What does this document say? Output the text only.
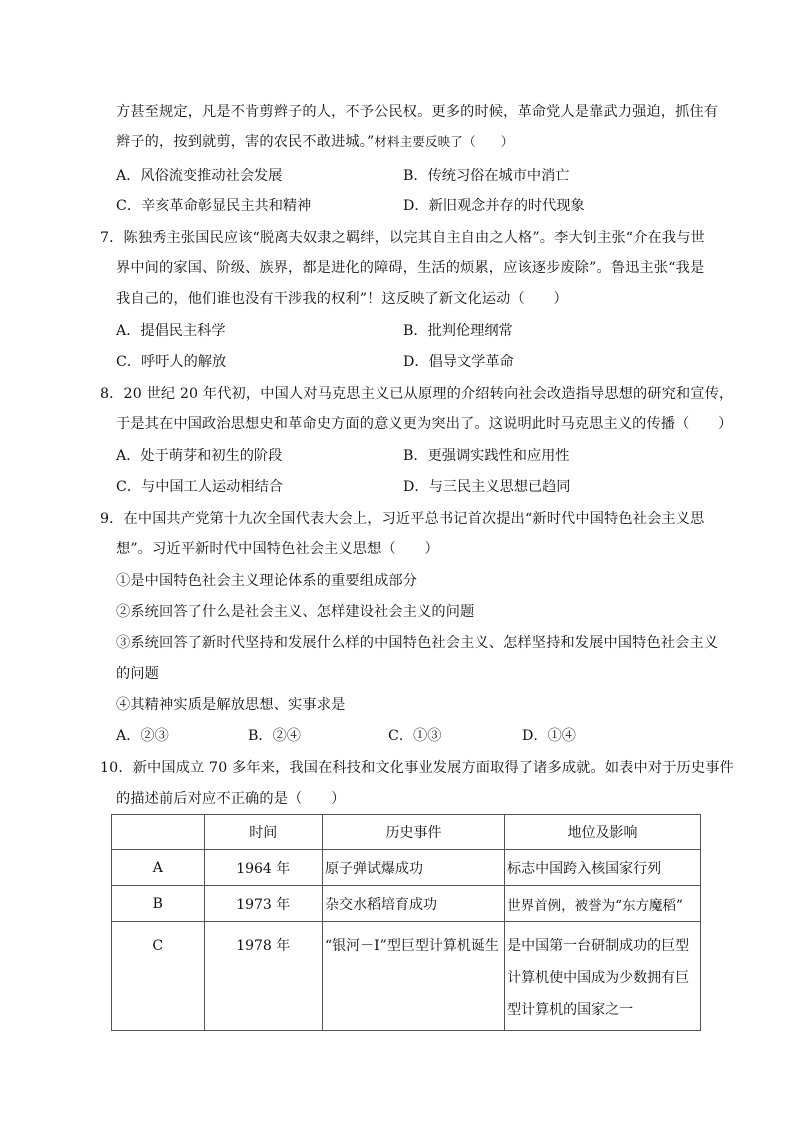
方甚至规定，凡是不肯剪辫子的人，不予公民权。更多的时候，革命党人是靠武力强迫，抓住有
辫子的，按到就剪，害的农民不敢进城。”材料主要反映了（　　）
A．风俗流变推动社会发展	B．传统习俗在城市中消亡
C．辛亥革命彰显民主共和精神	D．新旧观念并存的时代现象
7．陈独秀主张国民应该“脱离夫奴隶之羁绊，以完其自主自由之人格”。李大钊主张“介在我与世
界中间的家国、阶级、族界，都是进化的障碍，生活的烦累，应该逐步废除”。鲁迅主张“我是
我自己的，他们谁也没有干涉我的权利”！这反映了新文化运动（　　）
A．提倡民主科学	B．批判伦理纲常
C．呼吁人的解放	D．倡导文学革命
8．20 世纪 20 年代初，中国人对马克思主义已从原理的介绍转向社会改造指导思想的研究和宣传，
于是其在中国政治思想史和革命史方面的意义更为突出了。这说明此时马克思主义的传播（　　）
A．处于萌芽和初生的阶段	B．更强调实践性和应用性
C．与中国工人运动相结合	D．与三民主义思想已趋同
9．在中国共产党第十九次全国代表大会上，习近平总书记首次提出“新时代中国特色社会主义思
想”。习近平新时代中国特色社会主义思想（　　）
①是中国特色社会主义理论体系的重要组成部分
②系统回答了什么是社会主义、怎样建设社会主义的问题
③系统回答了新时代坚持和发展什么样的中国特色社会主义、怎样坚持和发展中国特色社会主义
的问题
④其精神实质是解放思想、实事求是
A．②③	B．②④	C．①③	D．①④
10．新中国成立 70 多年来，我国在科技和文化事业发展方面取得了诸多成就。如表中对于历史事件
的描述前后对应不正确的是（　　）
	时间	历史事件	地位及影响
A	1964 年	原子弹试爆成功	标志中国跨入核国家行列
B	1973 年	杂交水稻培育成功	世界首例，被誉为“东方魔稻”
C	1978 年	“银河－I”型巨型计算机诞生	是中国第一台研制成功的巨型计算机使中国成为少数拥有巨型计算机的国家之一
